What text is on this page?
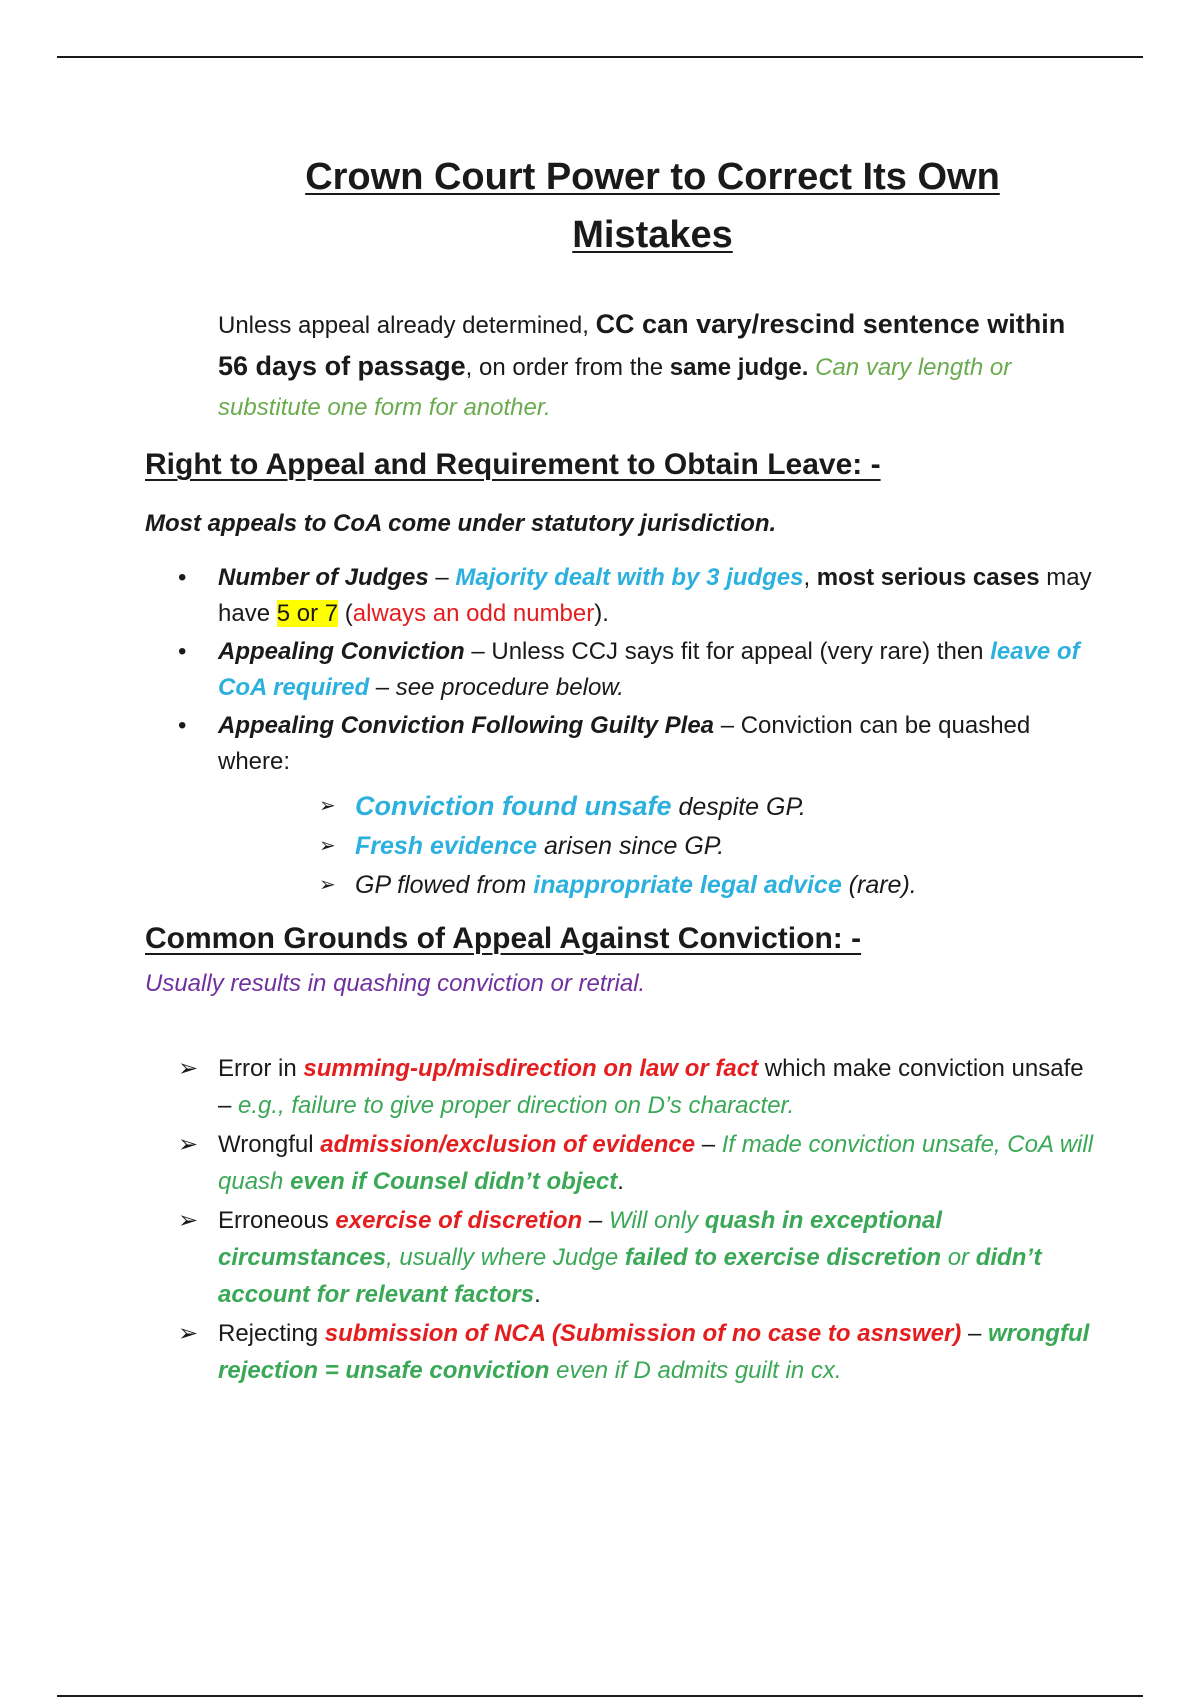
Crown Court Power to Correct Its Own Mistakes
Unless appeal already determined, CC can vary/rescind sentence within 56 days of passage, on order from the same judge. Can vary length or substitute one form for another.
Right to Appeal and Requirement to Obtain Leave: -
Most appeals to CoA come under statutory jurisdiction.
• Number of Judges – Majority dealt with by 3 judges, most serious cases may have 5 or 7 (always an odd number).
• Appealing Conviction – Unless CCJ says fit for appeal (very rare) then leave of CoA required – see procedure below.
• Appealing Conviction Following Guilty Plea – Conviction can be quashed where:
➢ Conviction found unsafe despite GP.
➢ Fresh evidence arisen since GP.
➢ GP flowed from inappropriate legal advice (rare).
Common Grounds of Appeal Against Conviction: -
Usually results in quashing conviction or retrial.
➢ Error in summing-up/misdirection on law or fact which make conviction unsafe – e.g., failure to give proper direction on D’s character.
➢ Wrongful admission/exclusion of evidence – If made conviction unsafe, CoA will quash even if Counsel didn’t object.
➢ Erroneous exercise of discretion – Will only quash in exceptional circumstances, usually where Judge failed to exercise discretion or didn’t account for relevant factors.
➢ Rejecting submission of NCA (Submission of no case to asnswer) – wrongful rejection = unsafe conviction even if D admits guilt in cx.
